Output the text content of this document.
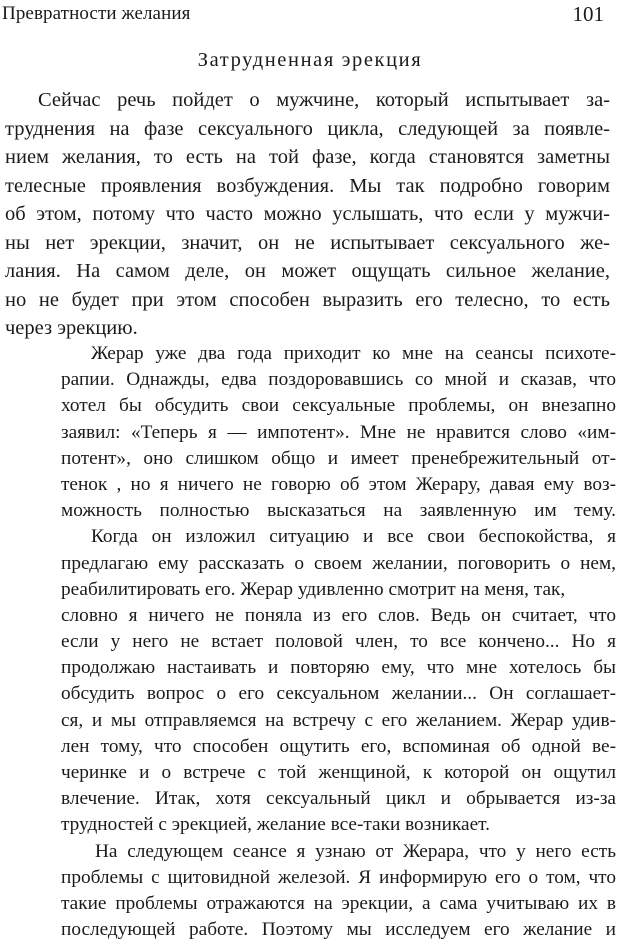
Превратности желания	101
Затрудненная эрекция
Сейчас речь пойдет о мужчине, который испытывает за-
труднения на фазе сексуального цикла, следующей за появле-
нием желания, то есть на той фазе, когда становятся заметны
телесные проявления возбуждения. Мы так подробно говорим
об этом, потому что часто можно услышать, что если у мужчи-
ны нет эрекции, значит, он не испытывает сексуального же-
лания. На самом деле, он может ощущать сильное желание,
но не будет при этом способен выразить его телесно, то есть
через эрекцию.
Жерар уже два года приходит ко мне на сеансы психоте-
рапии. Однажды, едва поздоровавшись со мной и сказав, что
хотел бы обсудить свои сексуальные проблемы, он внезапно
заявил: «Теперь я — импотент». Мне не нравится слово «им-
потент», оно слишком общо и имеет пренебрежительный от-
тенок , но я ничего не говорю об этом Жерару, давая ему воз-
можность полностью высказаться на заявленную им тему.
Когда он изложил ситуацию и все свои беспокойства, я
предлагаю ему рассказать о своем желании, поговорить о нем,
реабилитировать его. Жерар удивленно смотрит на меня, так,
словно я ничего не поняла из его слов. Ведь он считает, что
если у него не встает половой член, то все кончено... Но я
продолжаю настаивать и повторяю ему, что мне хотелось бы
обсудить вопрос о его сексуальном желании... Он соглашает-
ся, и мы отправляемся на встречу с его желанием. Жерар удив-
лен тому, что способен ощутить его, вспоминая об одной ве-
черинке и о встрече с той женщиной, к которой он ощутил
влечение. Итак, хотя сексуальный цикл и обрывается из-за
трудностей с эрекцией, желание все-таки возникает.
На следующем сеансе я узнаю от Жерара, что у него есть
проблемы с щитовидной железой. Я информирую его о том, что
такие проблемы отражаются на эрекции, а сама учитываю их в
последующей работе. Поэтому мы исследуем его желание и
